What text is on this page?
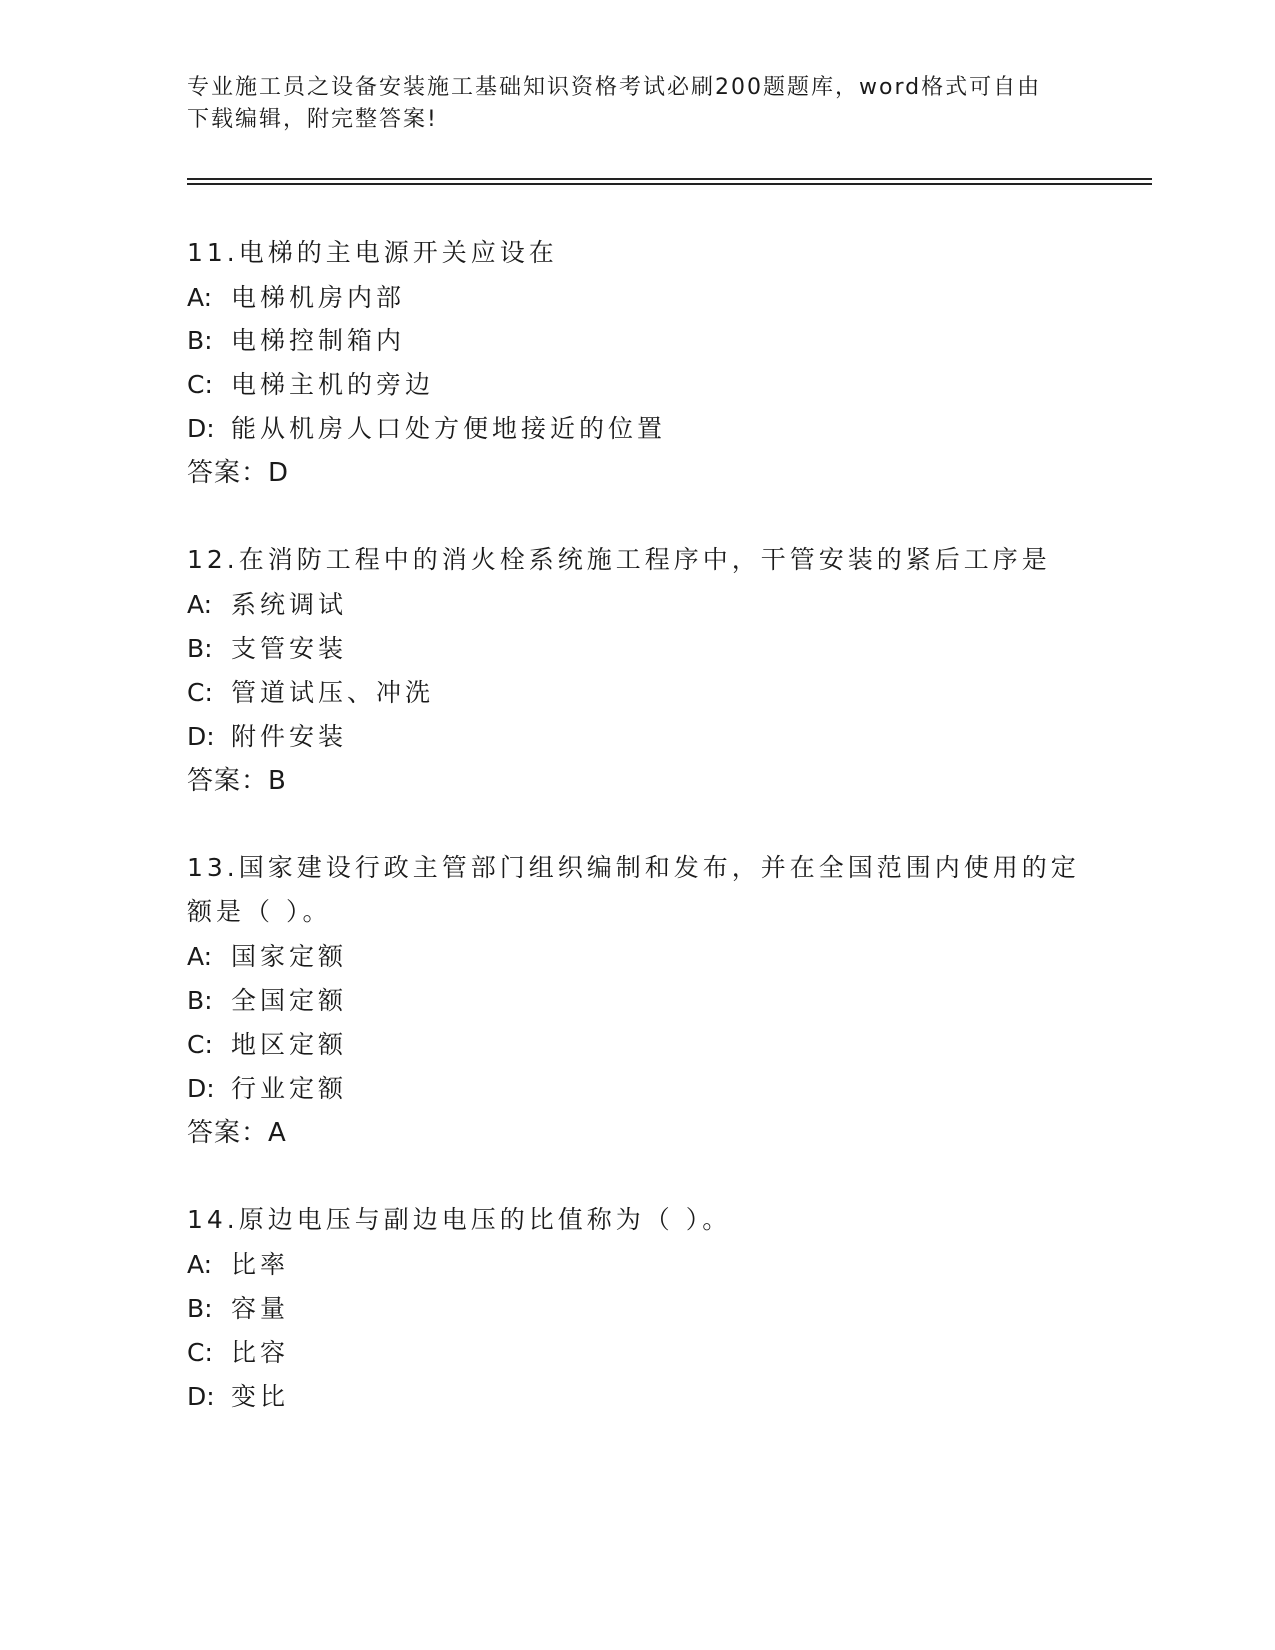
专业施工员之设备安装施工基础知识资格考试必刷200题题库，word格式可自由
下载编辑，附完整答案!
11.电梯的主电源开关应设在
A: 电梯机房内部
B: 电梯控制箱内
C: 电梯主机的旁边
D: 能从机房人口处方便地接近的位置
答案：D
12.在消防工程中的消火栓系统施工程序中，干管安装的紧后工序是
A: 系统调试
B: 支管安装
C: 管道试压、冲洗
D: 附件安装
答案：B
13.国家建设行政主管部门组织编制和发布，并在全国范围内使用的定
额是（ ）。
A: 国家定额
B: 全国定额
C: 地区定额
D: 行业定额
答案：A
14.原边电压与副边电压的比值称为（ ）。
A: 比率
B: 容量
C: 比容
D: 变比
